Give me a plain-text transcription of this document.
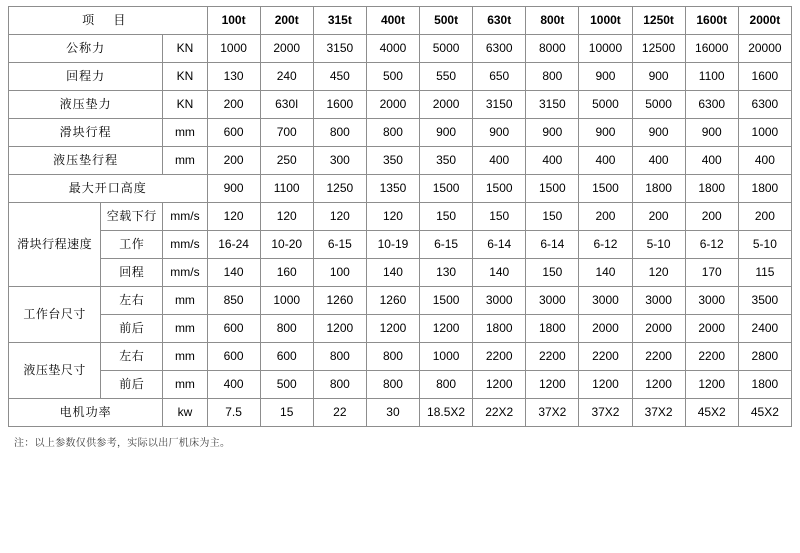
项 目			100t	200t	315t	400t	500t	630t	800t	1000t	1250t	1600t	2000t
公称力		KN	1000	2000	3150	4000	5000	6300	8000	10000	12500	16000	20000
回程力		KN	130	240	450	500	550	650	800	900	900	1100	1600
液压垫力		KN	200	630ǀ	1600	2000	2000	3150	3150	5000	5000	6300	6300
滑块行程		mm	600	700	800	800	900	900	900	900	900	900	1000
液压垫行程		mm	200	250	300	350	350	400	400	400	400	400	400
最大开口高度			900	1100	1250	1350	1500	1500	1500	1500	1800	1800	1800
滑块行程速度	空载下行	mm/s	120	120	120	120	150	150	150	200	200	200	200
	工作	mm/s	16-24	10-20	6-15	10-19	6-15	6-14	6-14	6-12	5-10	6-12	5-10
	回程	mm/s	140	160	100	140	130	140	150	140	120	170	115
工作台尺寸	左右	mm	850	1000	1260	1260	1500	3000	3000	3000	3000	3000	3500
	前后	mm	600	800	1200	1200	1200	1800	1800	2000	2000	2000	2400
液压垫尺寸	左右	mm	600	600	800	800	1000	2200	2200	2200	2200	2200	2800
	前后	mm	400	500	800	800	800	1200	1200	1200	1200	1200	1800
电机功率		kw	7.5	15	22	30	18.5X2	22X2	37X2	37X2	37X2	45X2	45X2
注：以上参数仅供参考，实际以出厂机床为主。
